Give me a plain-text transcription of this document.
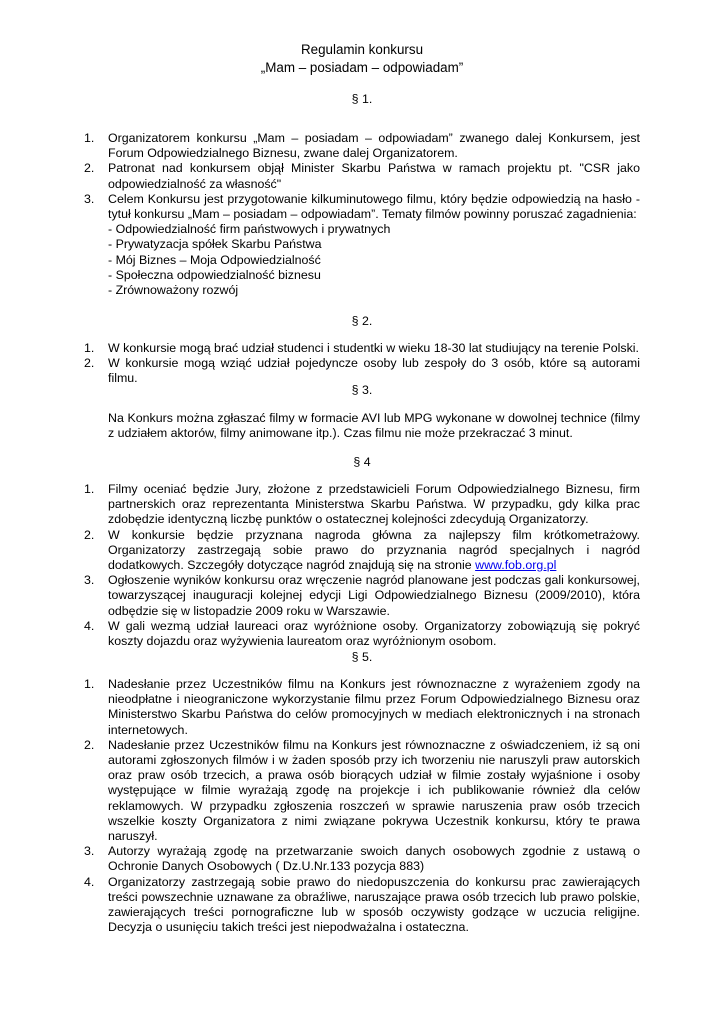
Regulamin konkursu
„Mam – posiadam – odpowiadam”
§ 1.
1. Organizatorem konkursu „Mam – posiadam – odpowiadam” zwanego dalej Konkursem, jest Forum Odpowiedzialnego Biznesu, zwane dalej Organizatorem.
2. Patronat nad konkursem objął Minister Skarbu Państwa w ramach projektu pt. "CSR jako odpowiedzialność za własność"
3. Celem Konkursu jest przygotowanie kilkuminutowego filmu, który będzie odpowiedzią na hasło - tytuł konkursu „Mam – posiadam – odpowiadam”. Tematy filmów powinny poruszać zagadnienia:
- Odpowiedzialność firm państwowych i prywatnych
- Prywatyzacja spółek Skarbu Państwa
- Mój Biznes – Moja Odpowiedzialność
- Społeczna odpowiedzialność biznesu
- Zrównoważony rozwój
§ 2.
1. W konkursie mogą brać udział studenci i studentki w wieku 18-30 lat studiujący na terenie Polski.
2. W konkursie mogą wziąć udział pojedyncze osoby lub zespoły do 3 osób, które są autorami filmu.
§ 3.

Na Konkurs można zgłaszać filmy w formacie AVI lub MPG wykonane w dowolnej technice (filmy z udziałem aktorów, filmy animowane itp.). Czas filmu nie może przekraczać 3 minut.

§ 4
1. Filmy oceniać będzie Jury, złożone z przedstawicieli Forum Odpowiedzialnego Biznesu, firm partnerskich oraz reprezentanta Ministerstwa Skarbu Państwa. W przypadku, gdy kilka prac zdobędzie identyczną liczbę punktów o ostatecznej kolejności zdecydują Organizatorzy.
2. W konkursie będzie przyznana nagroda główna za najlepszy film krótkometrażowy. Organizatorzy zastrzegają sobie prawo do przyznania nagród specjalnych i nagród dodatkowych. Szczegóły dotyczące nagród znajdują się na stronie www.fob.org.pl
3. Ogłoszenie wyników konkursu oraz wręczenie nagród planowane jest podczas gali konkursowej, towarzyszącej inauguracji kolejnej edycji Ligi Odpowiedzialnego Biznesu (2009/2010), która odbędzie się w listopadzie 2009 roku w Warszawie.
4. W gali wezmą udział laureaci oraz wyróżnione osoby. Organizatorzy zobowiązują się pokryć koszty dojazdu oraz wyżywienia laureatom oraz wyróżnionym osobom.
§ 5.
1. Nadesłanie przez Uczestników filmu na Konkurs jest równoznaczne z wyrażeniem zgody na nieodpłatne i nieograniczone wykorzystanie filmu przez Forum Odpowiedzialnego Biznesu oraz Ministerstwo Skarbu Państwa do celów promocyjnych w mediach elektronicznych i na stronach internetowych.
2. Nadesłanie przez Uczestników filmu na Konkurs jest równoznaczne z oświadczeniem, iż są oni autorami zgłoszonych filmów i w żaden sposób przy ich tworzeniu nie naruszyli praw autorskich oraz praw osób trzecich, a prawa osób biorących udział w filmie zostały wyjaśnione i osoby występujące w filmie wyrażają zgodę na projekcje i ich publikowanie również dla celów reklamowych. W przypadku zgłoszenia roszczeń w sprawie naruszenia praw osób trzecich wszelkie koszty Organizatora z nimi związane pokrywa Uczestnik konkursu, który te prawa naruszył.
3. Autorzy wyrażają zgodę na przetwarzanie swoich danych osobowych zgodnie z ustawą o Ochronie Danych Osobowych ( Dz.U.Nr.133 pozycja 883)
4. Organizatorzy zastrzegają sobie prawo do niedopuszczenia do konkursu prac zawierających treści powszechnie uznawane za obraźliwe, naruszające prawa osób trzecich lub prawo polskie, zawierających treści pornograficzne lub w sposób oczywisty godzące w uczucia religijne. Decyzja o usunięciu takich treści jest niepodważalna i ostateczna.
